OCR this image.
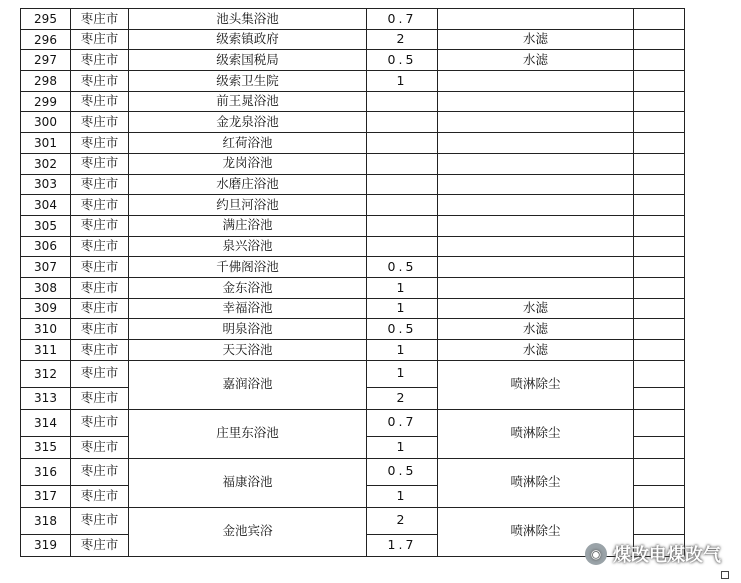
295	枣庄市	池头集浴池	0.7		
296	枣庄市	级索镇政府	2	水滤	
297	枣庄市	级索国税局	0.5	水滤	
298	枣庄市	级索卫生院	1		
299	枣庄市	前王晁浴池			
300	枣庄市	金龙泉浴池			
301	枣庄市	红荷浴池			
302	枣庄市	龙岗浴池			
303	枣庄市	水磨庄浴池			
304	枣庄市	约旦河浴池			
305	枣庄市	满庄浴池			
306	枣庄市	泉兴浴池			
307	枣庄市	千佛阁浴池	0.5		
308	枣庄市	金东浴池	1		
309	枣庄市	幸福浴池	1	水滤	
310	枣庄市	明泉浴池	0.5	水滤	
311	枣庄市	天天浴池	1	水滤	
312	枣庄市	嘉润浴池	1	喷淋除尘	
313	枣庄市		2		
314	枣庄市	庄里东浴池	0.7	喷淋除尘	
315	枣庄市		1		
316	枣庄市	福康浴池	0.5	喷淋除尘	
317	枣庄市		1		
318	枣庄市	金池宾浴	2	喷淋除尘	
319	枣庄市		1.7		
◉ 煤改电煤改气
